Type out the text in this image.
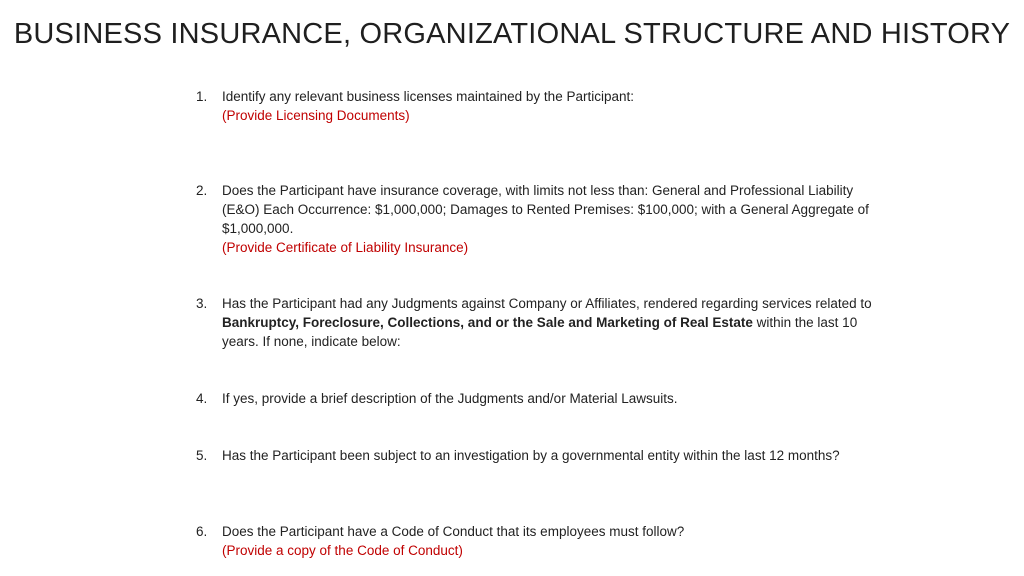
BUSINESS INSURANCE, ORGANIZATIONAL STRUCTURE AND HISTORY
1.	Identify any relevant business licenses maintained by the Participant:
(Provide Licensing Documents)
2.	Does the Participant have insurance coverage, with limits not less than: General and Professional Liability (E&O) Each Occurrence: $1,000,000; Damages to Rented Premises: $100,000; with a General Aggregate of $1,000,000.
(Provide Certificate of Liability Insurance)
3.	Has the Participant had any Judgments against Company or Affiliates, rendered regarding services related to Bankruptcy, Foreclosure, Collections, and or the Sale and Marketing of Real Estate within the last 10 years. If none, indicate below:
4.	If yes, provide a brief description of the Judgments and/or Material Lawsuits.
5.	Has the Participant been subject to an investigation by a governmental entity within the last 12 months?
6.	Does the Participant have a Code of Conduct that its employees must follow?
(Provide a copy of the Code of Conduct)
